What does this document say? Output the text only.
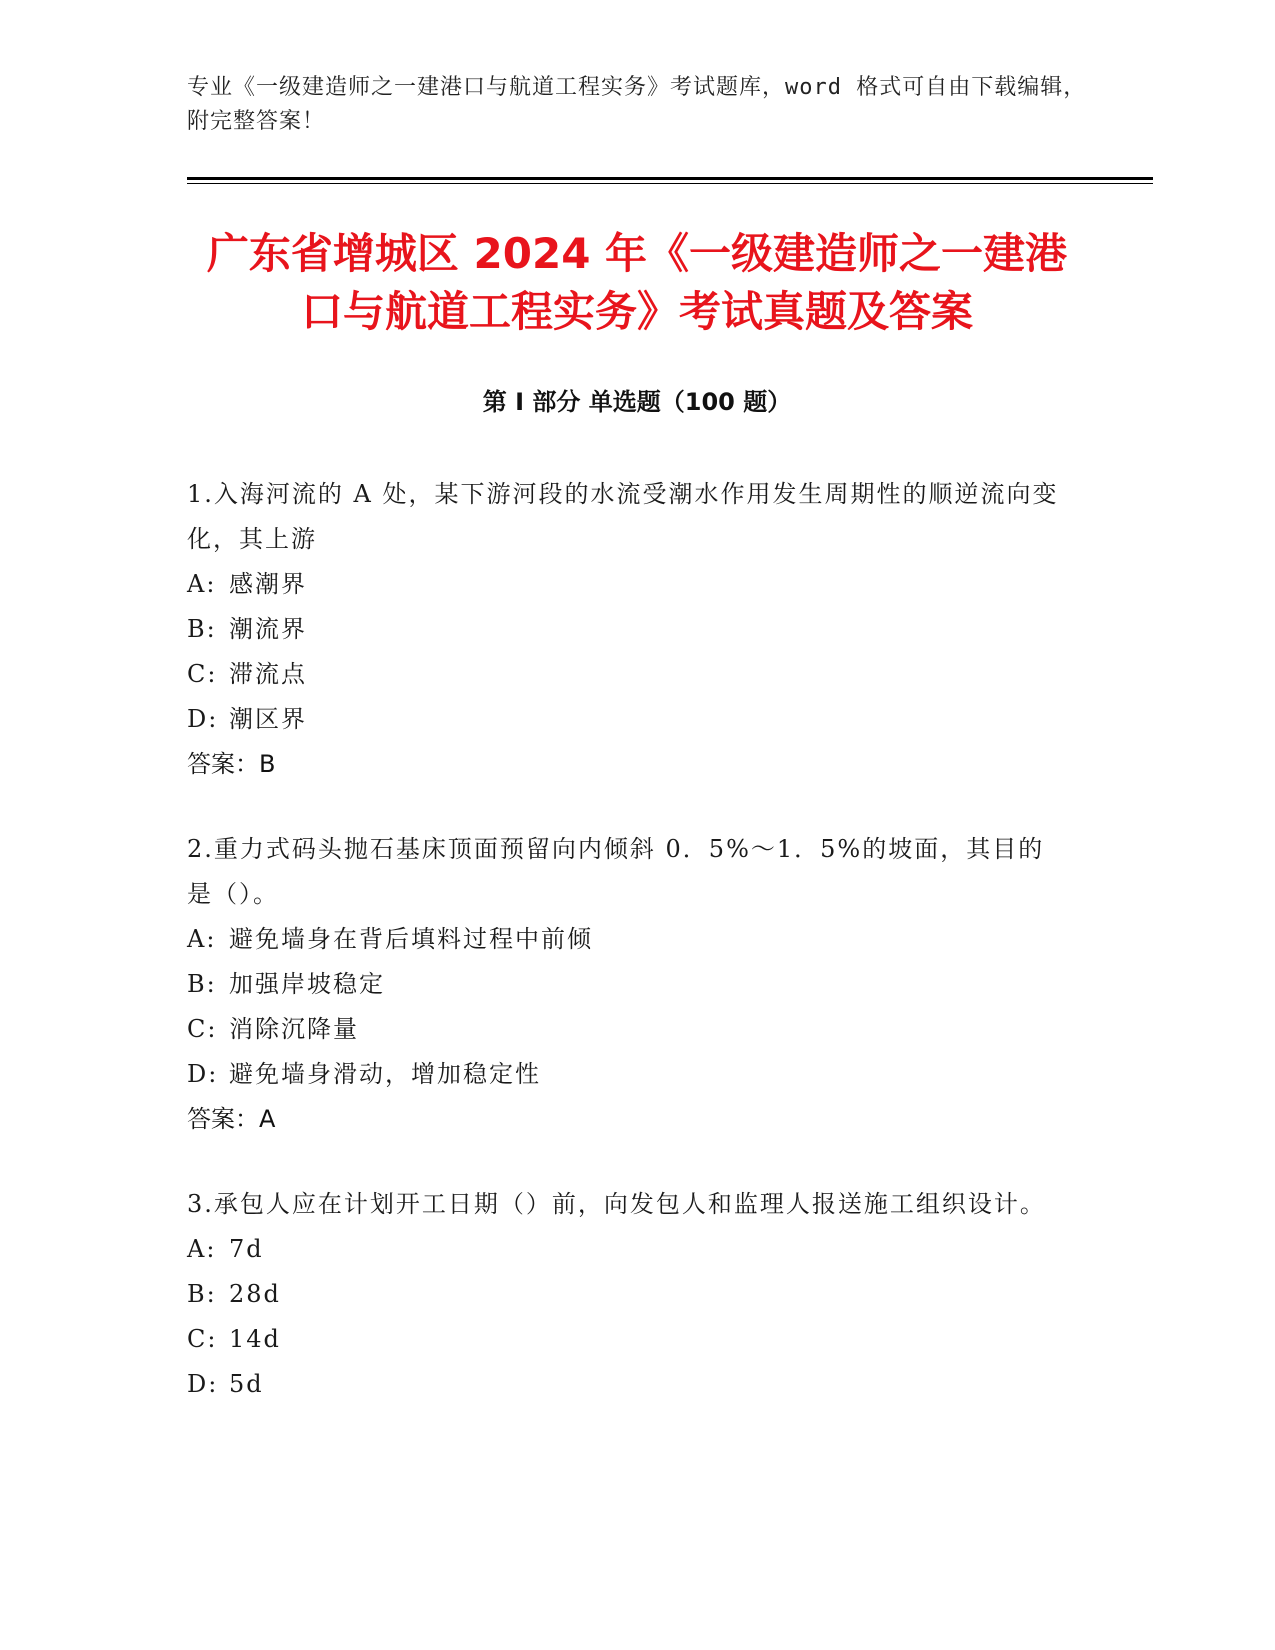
专业《一级建造师之一建港口与航道工程实务》考试题库，word 格式可自由下载编辑，附完整答案！
广东省增城区 2024 年《一级建造师之一建港口与航道工程实务》考试真题及答案
第 I 部分 单选题（100 题）
1.入海河流的 A 处，某下游河段的水流受潮水作用发生周期性的顺逆流向变化，其上游
A: 感潮界
B: 潮流界
C: 滞流点
D: 潮区界
答案：B
2.重力式码头抛石基床顶面预留向内倾斜 0．5%～1．5%的坡面，其目的是（）。
A: 避免墙身在背后填料过程中前倾
B: 加强岸坡稳定
C: 消除沉降量
D: 避免墙身滑动，增加稳定性
答案：A
3.承包人应在计划开工日期（）前，向发包人和监理人报送施工组织设计。
A: 7d
B: 28d
C: 14d
D: 5d
